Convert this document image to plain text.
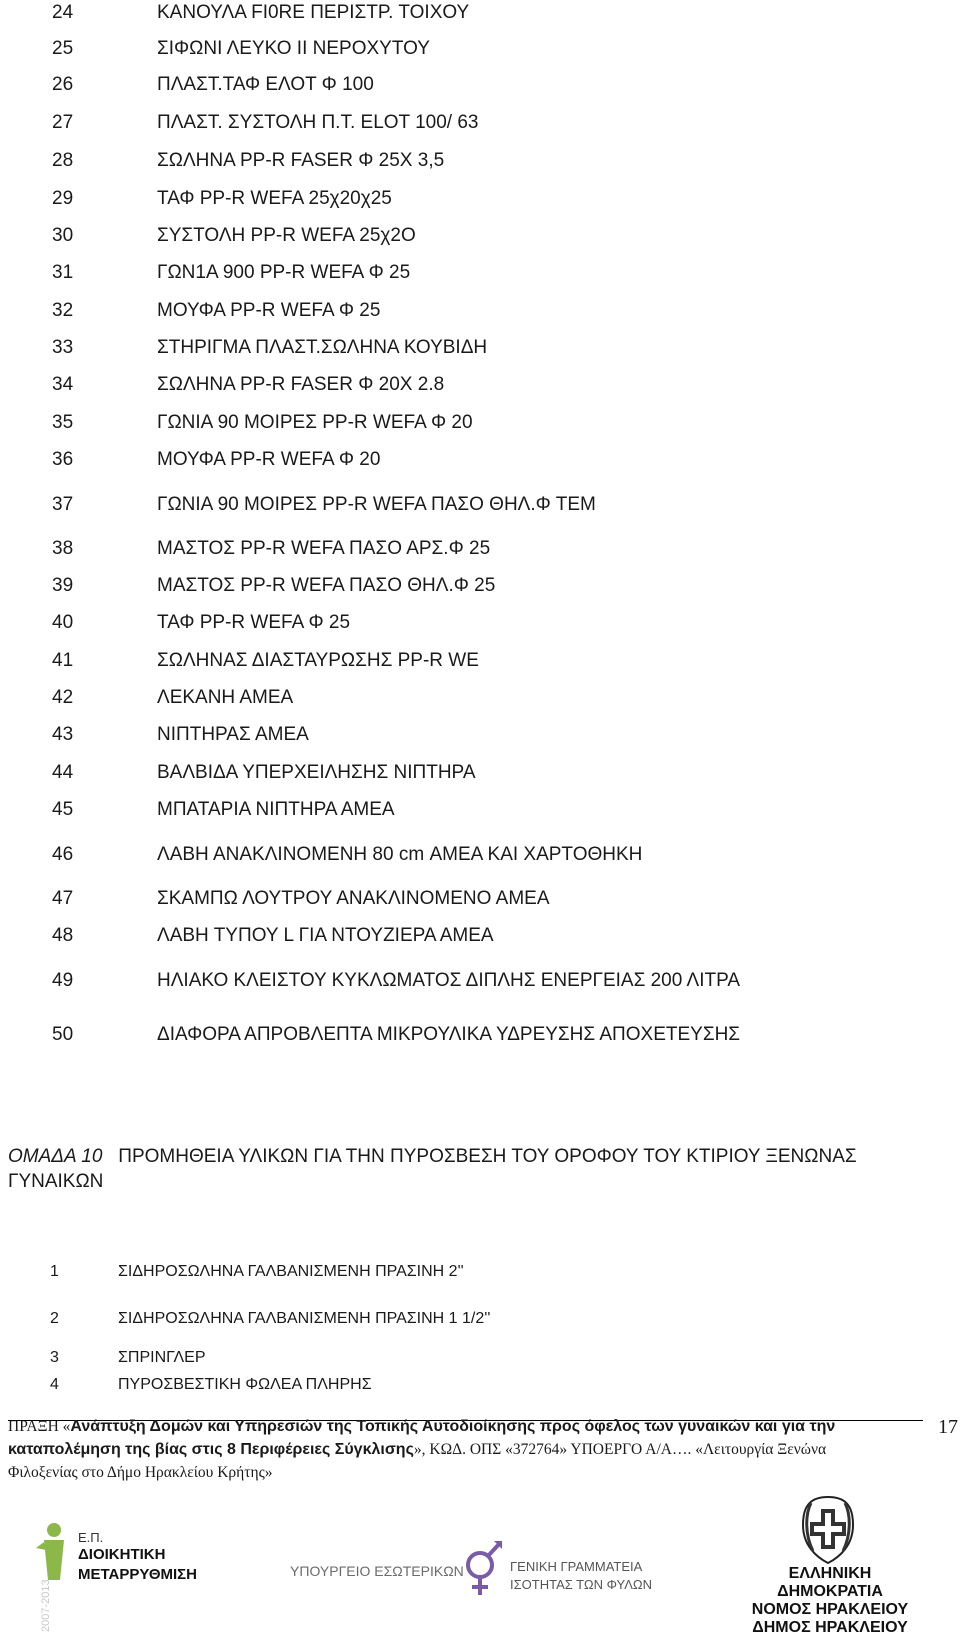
24	ΚΑΝΟΥΛΑ FI0RE ΠΕΡΙΣΤΡ. ΤΟΙΧΟΥ
25	ΣΙΦΩΝΙ ΛΕΥΚΟ ΙΙ ΝΕΡΟΧΥΤΟΥ
26	ΠΛΑΣΤ.ΤΑΦ ΕΛΟΤ Φ 100
27	ΠΛΑΣΤ. ΣΥΣΤΟΛΗ Π.Τ. ELOT 100/ 63
28	ΣΩΛΗΝΑ PP-R FASER Φ 25Χ 3,5
29	ΤΑΦ PP-R WEFA 25χ20χ25
30	ΣΥΣΤΟΛΗ PP-R WEFA 25χ2O
31	ΓΩΝ1Α 900 PP-R WEFA Φ 25
32	ΜΟΥΦΑ PP-R WEFA Φ 25
33	ΣΤΗΡΙΓΜΑ ΠΛΑΣΤ.ΣΩΛΗΝΑ ΚΟΥΒΙΔΗ
34	ΣΩΛΗΝΑ PP-R FASER Φ 20Χ 2.8
35	ΓΩΝΙΑ 90 ΜΟΙΡΕΣ PP-R WEFA Φ 20
36	ΜΟΥΦΑ PP-R WEFA Φ 20
37	ΓΩΝΙΑ 90 ΜΟΙΡΕΣ PP-R WEFA ΠΑΣΟ ΘΗΛ.Φ ΤΕΜ
38	ΜΑΣΤΟΣ PP-R WEFA ΠΑΣΟ ΑΡΣ.Φ 25
39	ΜΑΣΤΟΣ PP-R WEFA ΠΑΣΟ ΘΗΛ.Φ 25
40	ΤΑΦ PP-R WEFA Φ 25
41	ΣΩΛΗΝΑΣ ΔΙΑΣΤΑΥΡΩΣΗΣ PP-R WE
42	ΛΕΚΑΝΗ ΑΜΕΑ
43	ΝΙΠΤΗΡΑΣ ΑΜΕΑ
44	ΒΑΛΒΙΔΑ ΥΠΕΡΧΕΙΛΗΣΗΣ ΝΙΠΤΗΡΑ
45	ΜΠΑΤΑΡΙΑ ΝΙΠΤΗΡΑ ΑΜΕΑ
46	ΛΑΒΗ ΑΝΑΚΛΙΝΟΜΕΝΗ 80 cm ΑΜΕΑ ΚΑΙ ΧΑΡΤΟΘΗΚΗ
47	ΣΚΑΜΠΩ ΛΟΥΤΡΟΥ ΑΝΑΚΛΙΝΟΜΕΝΟ ΑΜΕΑ
48	ΛΑΒΗ ΤΥΠΟΥ L ΓΙΑ ΝΤΟΥΖΙΕΡΑ ΑΜΕΑ
49	ΗΛΙΑΚΟ ΚΛΕΙΣΤΟΥ ΚΥΚΛΩΜΑΤΟΣ ΔΙΠΛΗΣ ΕΝΕΡΓΕΙΑΣ 200 ΛΙΤΡΑ
50	ΔΙΑΦΟΡΑ ΑΠΡΟΒΛΕΠΤΑ ΜΙΚΡΟΥΛΙΚΑ ΥΔΡΕΥΣΗΣ ΑΠΟΧΕΤΕΥΣΗΣ
ΟΜΑΔΑ 10 ΠΡΟΜΗΘΕΙΑ ΥΛΙΚΩΝ ΓΙΑ ΤΗΝ ΠΥΡΟΣΒΕΣΗ ΤΟΥ ΟΡΟΦΟΥ ΤΟΥ ΚΤΙΡΙΟΥ ΞΕΝΩΝΑΣ ΓΥΝΑΙΚΩΝ
1	ΣΙΔΗΡΟΣΩΛΗΝΑ ΓΑΛΒΑΝΙΣΜΕΝΗ ΠΡΑΣΙΝΗ 2''
2	ΣΙΔΗΡΟΣΩΛΗΝΑ ΓΑΛΒΑΝΙΣΜΕΝΗ ΠΡΑΣΙΝΗ 1 1/2''
3	ΣΠΡΙΝΓΛΕΡ
4	ΠΥΡΟΣΒΕΣΤΙΚΗ ΦΩΛΕΑ ΠΛΗΡΗΣ
ΠΡΑΞΗ «Ανάπτυξη Δομών και Υπηρεσιών της Τοπικής Αυτοδιοίκησης προς όφελος των γυναικών και για την καταπολέμηση της βίας στις 8 Περιφέρειες Σύγκλισης», ΚΩΔ. ΟΠΣ «372764» ΥΠΟΕΡΓΟ Α/Α…. «Λειτουργία Ξενώνα Φιλοξενίας στο Δήμο Ηρακλείου Κρήτης»
17
2007-2013
Ε.Π.
ΔΙΟΙΚΗΤΙΚΗ
ΜΕΤΑΡΡΥΘΜΙΣΗ	ΥΠΟΥΡΓΕΙΟ ΕΣΩΤΕΡΙΚΩΝ	ΓΕΝΙΚΗ ΓΡΑΜΜΑΤΕΙΑ
ΙΣΟΤΗΤΑΣ ΤΩΝ ΦΥΛΩΝ
ΕΛΛΗΝΙΚΗ
ΔΗΜΟΚΡΑΤΙΑ
ΝΟΜΟΣ ΗΡΑΚΛΕΙΟΥ
ΔΗΜΟΣ ΗΡΑΚΛΕΙΟΥ
